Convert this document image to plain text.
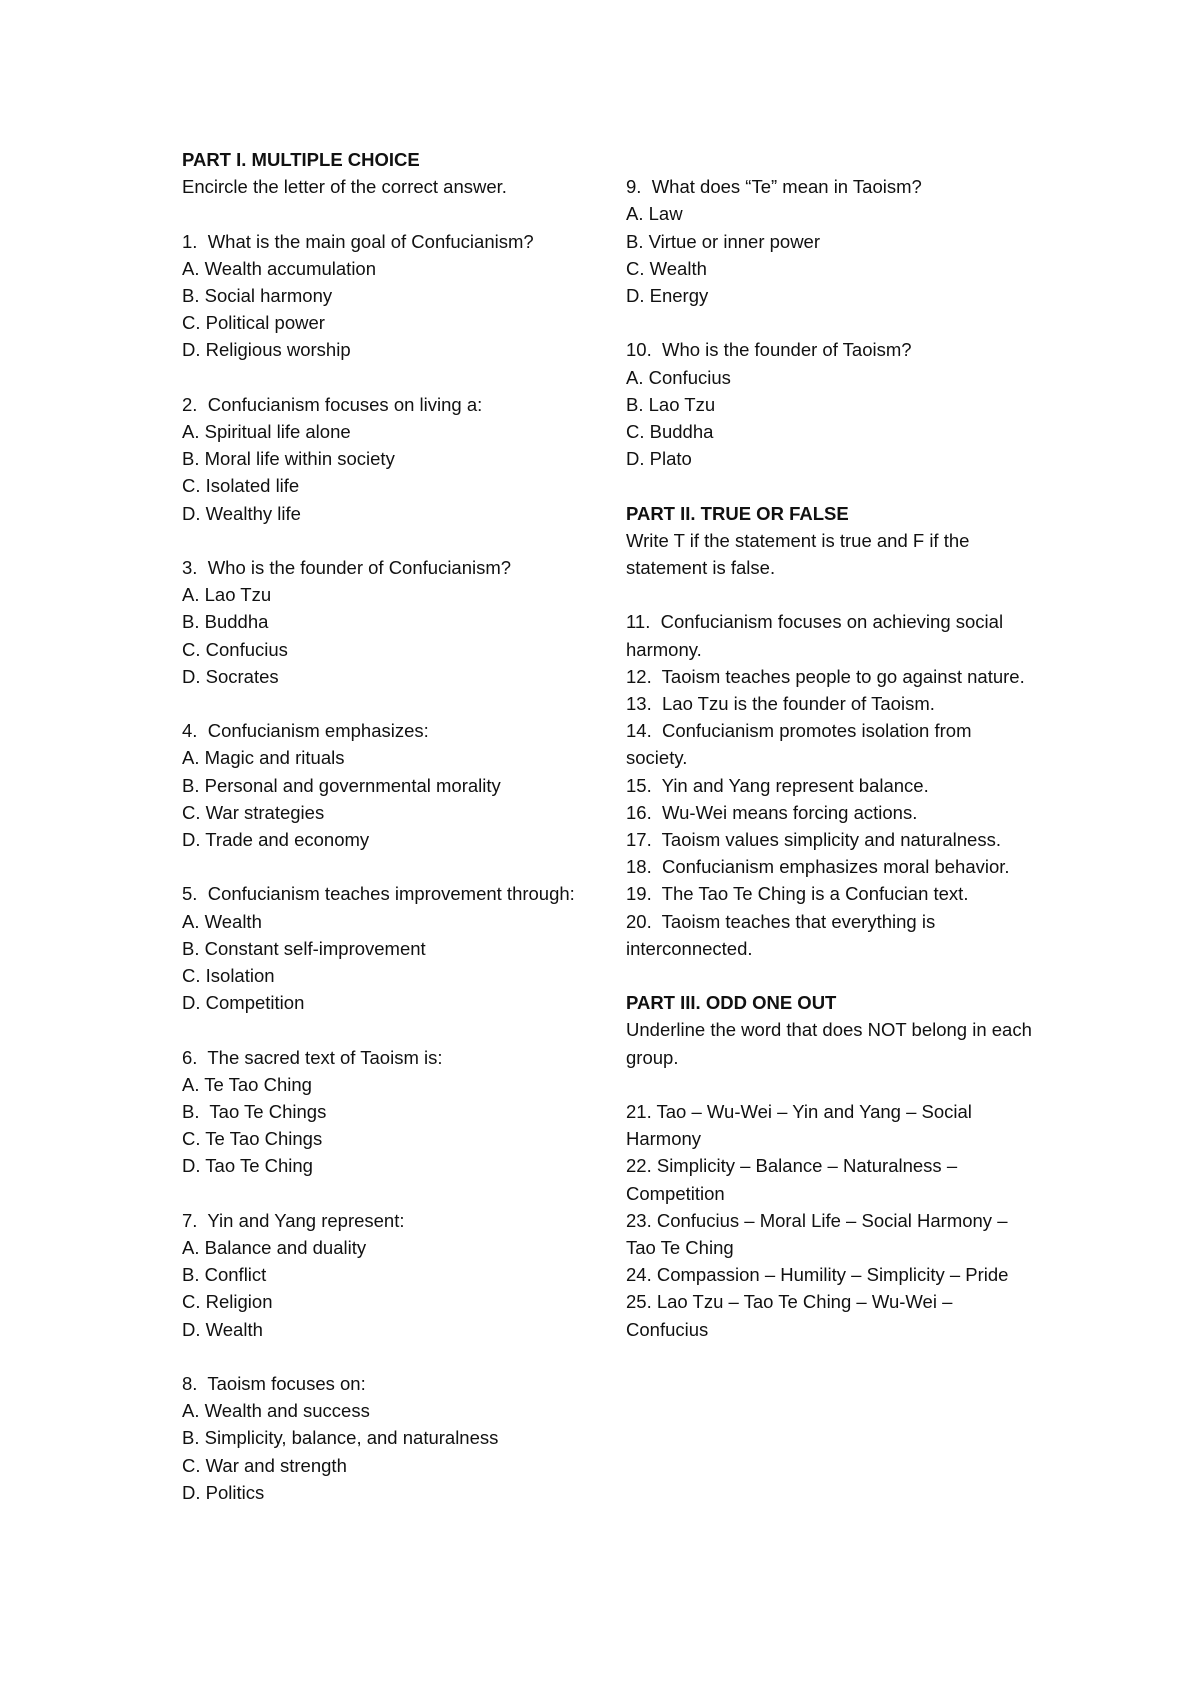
PART I. MULTIPLE CHOICE
Encircle the letter of the correct answer.
1.  What is the main goal of Confucianism?
A. Wealth accumulation
B. Social harmony
C. Political power
D. Religious worship
2.  Confucianism focuses on living a:
A. Spiritual life alone
B. Moral life within society
C. Isolated life
D. Wealthy life
3.  Who is the founder of Confucianism?
A. Lao Tzu
B. Buddha
C. Confucius
D. Socrates
4.  Confucianism emphasizes:
A. Magic and rituals
B. Personal and governmental morality
C. War strategies
D. Trade and economy
5.  Confucianism teaches improvement through:
A. Wealth
B. Constant self-improvement
C. Isolation
D. Competition
6.  The sacred text of Taoism is:
A. Te Tao Ching
B.  Tao Te Chings
C. Te Tao Chings
D. Tao Te Ching
7.  Yin and Yang represent:
A. Balance and duality
B. Conflict
C. Religion
D. Wealth
8.  Taoism focuses on:
A. Wealth and success
B. Simplicity, balance, and naturalness
C. War and strength
D. Politics
9.  What does “Te” mean in Taoism?
A. Law
B. Virtue or inner power
C. Wealth
D. Energy
10.  Who is the founder of Taoism?
A. Confucius
B. Lao Tzu
C. Buddha
D. Plato
PART II. TRUE OR FALSE
Write T if the statement is true and F if the statement is false.
11.  Confucianism focuses on achieving social harmony.
12.  Taoism teaches people to go against nature.
13.  Lao Tzu is the founder of Taoism.
14.  Confucianism promotes isolation from society.
15.  Yin and Yang represent balance.
16.  Wu-Wei means forcing actions.
17.  Taoism values simplicity and naturalness.
18.  Confucianism emphasizes moral behavior.
19.  The Tao Te Ching is a Confucian text.
20.  Taoism teaches that everything is interconnected.
PART III. ODD ONE OUT
Underline the word that does NOT belong in each group.
21. Tao – Wu-Wei – Yin and Yang – Social Harmony
22. Simplicity – Balance – Naturalness – Competition
23. Confucius – Moral Life – Social Harmony – Tao Te Ching
24. Compassion – Humility – Simplicity – Pride
25. Lao Tzu – Tao Te Ching – Wu-Wei – Confucius
